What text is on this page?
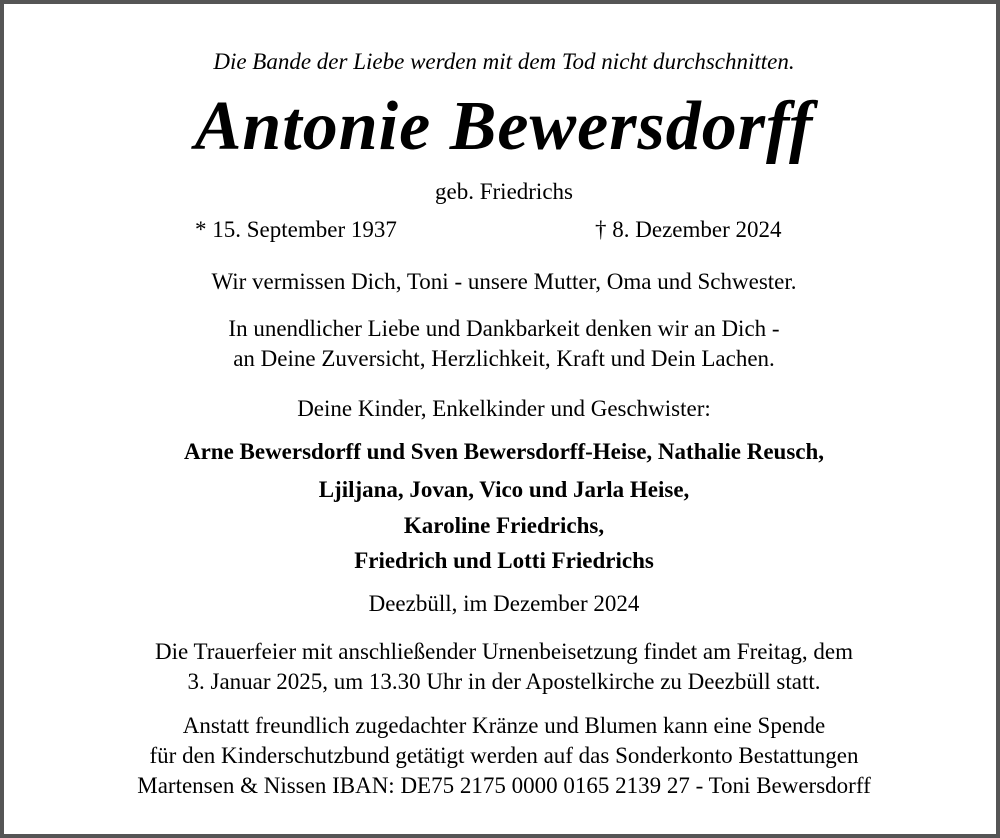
Die Bande der Liebe werden mit dem Tod nicht durchschnitten.
Antonie Bewersdorff
geb. Friedrichs
* 15. September 1937	† 8. Dezember 2024
Wir vermissen Dich, Toni - unsere Mutter, Oma und Schwester.
In unendlicher Liebe und Dankbarkeit denken wir an Dich -
an Deine Zuversicht, Herzlichkeit, Kraft und Dein Lachen.
Deine Kinder, Enkelkinder und Geschwister:
Arne Bewersdorff und Sven Bewersdorff-Heise, Nathalie Reusch,
Ljiljana, Jovan, Vico und Jarla Heise,
Karoline Friedrichs,
Friedrich und Lotti Friedrichs
Deezbüll, im Dezember 2024
Die Trauerfeier mit anschließender Urnenbeisetzung findet am Freitag, dem
3. Januar 2025, um 13.30 Uhr in der Apostelkirche zu Deezbüll statt.
Anstatt freundlich zugedachter Kränze und Blumen kann eine Spende
für den Kinderschutzbund getätigt werden auf das Sonderkonto Bestattungen
Martensen & Nissen IBAN: DE75 2175 0000 0165 2139 27 - Toni Bewersdorff
